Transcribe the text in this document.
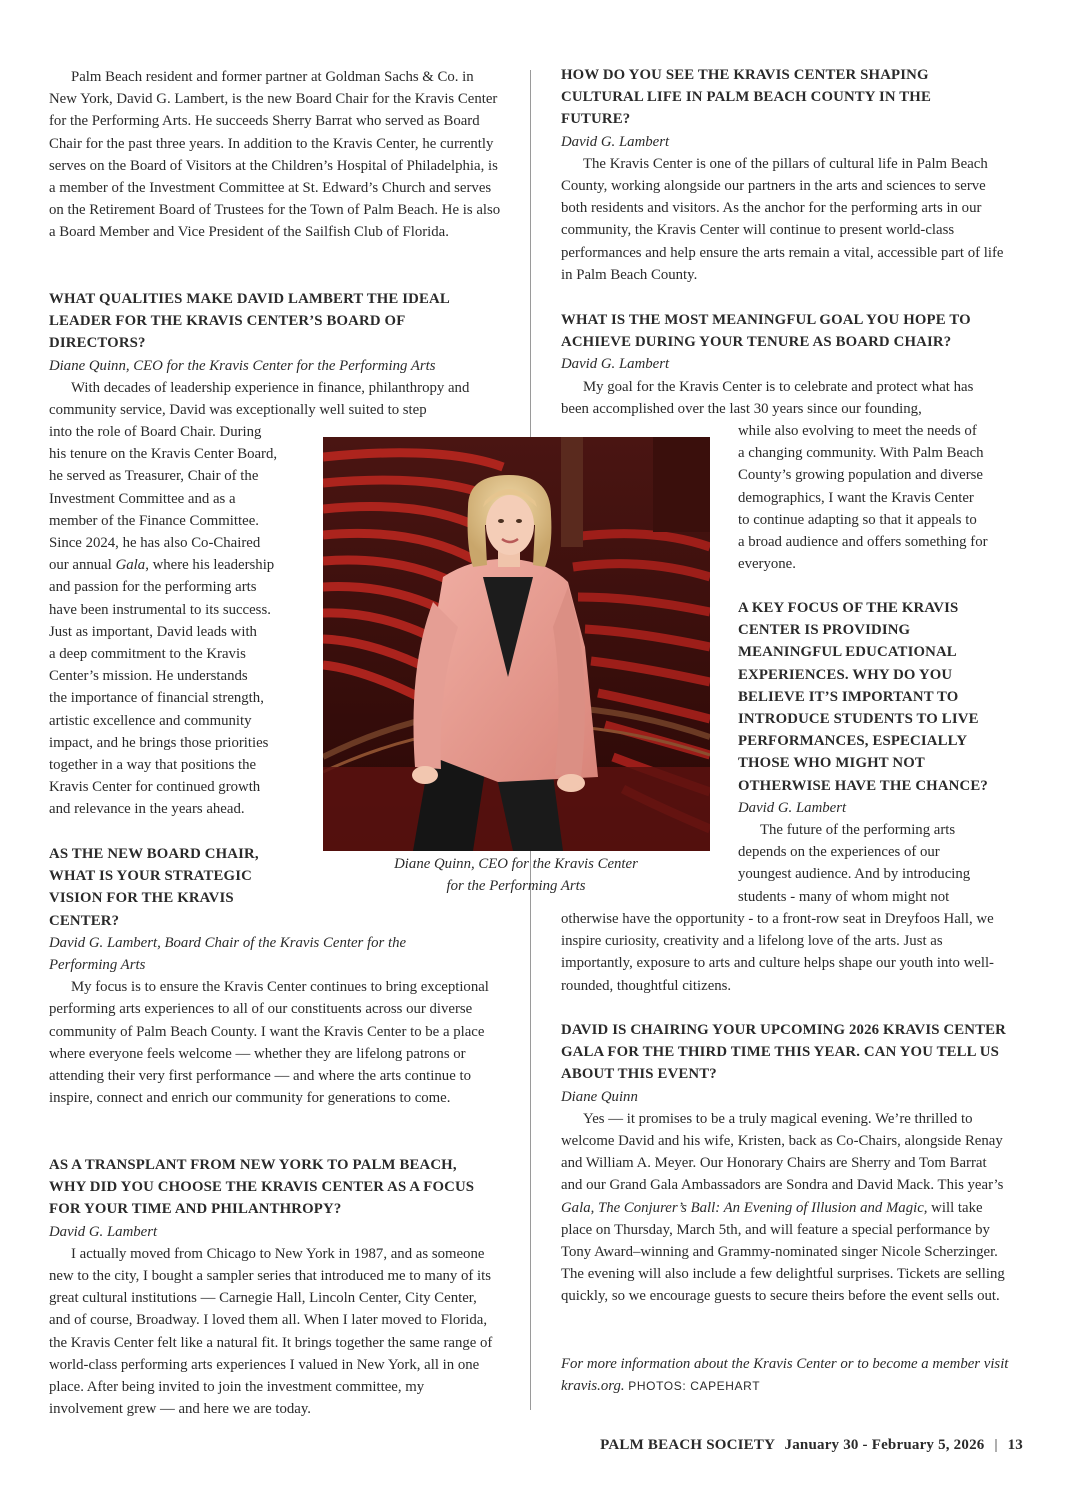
Palm Beach resident and former partner at Goldman Sachs & Co. in New York, David G. Lambert, is the new Board Chair for the Kravis Center for the Performing Arts. He succeeds Sherry Barrat who served as Board Chair for the past three years. In addition to the Kravis Center, he currently serves on the Board of Visitors at the Children’s Hospital of Philadelphia, is a member of the Investment Committee at St. Edward’s Church and serves on the Retirement Board of Trustees for the Town of Palm Beach. He is also a Board Member and Vice President of the Sailfish Club of Florida.

WHAT QUALITIES MAKE DAVID LAMBERT THE IDEAL LEADER FOR THE KRAVIS CENTER’S BOARD OF DIRECTORS?

Diane Quinn, CEO for the Kravis Center for the Performing Arts

With decades of leadership experience in finance, philanthropy and community service, David was exceptionally well suited to step

into the role of Board Chair. During
his tenure on the Kravis Center Board,
he served as Treasurer, Chair of the
Investment Committee and as a
member of the Finance Committee.
Since 2024, he has also Co-Chaired
our annual Gala, where his leadership
and passion for the performing arts
have been instrumental to its success.
Just as important, David leads with
a deep commitment to the Kravis
Center’s mission. He understands
the importance of financial strength,
artistic excellence and community
impact, and he brings those priorities
together in a way that positions the
Kravis Center for continued growth
and relevance in the years ahead.
AS THE NEW BOARD CHAIR,
WHAT IS YOUR STRATEGIC
VISION FOR THE KRAVIS
CENTER?

David G. Lambert, Board Chair of the Kravis Center for the Performing Arts

My focus is to ensure the Kravis Center continues to bring exceptional performing arts experiences to all of our constituents across our diverse community of Palm Beach County. I want the Kravis Center to be a place where everyone feels welcome — whether they are lifelong patrons or attending their very first performance — and where the arts continue to inspire, connect and enrich our community for generations to come.

AS A TRANSPLANT FROM NEW YORK TO PALM BEACH, WHY DID YOU CHOOSE THE KRAVIS CENTER AS A FOCUS FOR YOUR TIME AND PHILANTHROPY?

David G. Lambert

I actually moved from Chicago to New York in 1987, and as someone new to the city, I bought a sampler series that introduced me to many of its great cultural institutions — Carnegie Hall, Lincoln Center, City Center, and of course, Broadway. I loved them all. When I later moved to Florida, the Kravis Center felt like a natural fit. It brings together the same range of world-class performing arts experiences I valued in New York, all in one place. After being invited to join the investment committee, my involvement grew — and here we are today.

HOW DO YOU SEE THE KRAVIS CENTER SHAPING CULTURAL LIFE IN PALM BEACH COUNTY IN THE FUTURE?

David G. Lambert

The Kravis Center is one of the pillars of cultural life in Palm Beach County, working alongside our partners in the arts and sciences to serve both residents and visitors. As the anchor for the performing arts in our community, the Kravis Center will continue to present world-class performances and help ensure the arts remain a vital, accessible part of life in Palm Beach County.

WHAT IS THE MOST MEANINGFUL GOAL YOU HOPE TO ACHIEVE DURING YOUR TENURE AS BOARD CHAIR?

David G. Lambert

My goal for the Kravis Center is to celebrate and protect what has been accomplished over the last 30 years since our founding,

while also evolving to meet the needs of
a changing community. With Palm Beach
County’s growing population and diverse
demographics, I want the Kravis Center
to continue adapting so that it appeals to
a broad audience and offers something for
everyone.
A KEY FOCUS OF THE KRAVIS
CENTER IS PROVIDING
MEANINGFUL EDUCATIONAL
EXPERIENCES. WHY DO YOU
BELIEVE IT’S IMPORTANT TO
INTRODUCE STUDENTS TO LIVE
PERFORMANCES, ESPECIALLY
THOSE WHO MIGHT NOT
OTHERWISE HAVE THE CHANCE?

David G. Lambert

The future of the performing arts
depends on the experiences of our
youngest audience. And by introducing
students - many of whom might not

otherwise have the opportunity - to a front-row seat in Dreyfoos Hall, we inspire curiosity, creativity and a lifelong love of the arts. Just as importantly, exposure to arts and culture helps shape our youth into well-rounded, thoughtful citizens.

DAVID IS CHAIRING YOUR UPCOMING 2026 KRAVIS CENTER GALA FOR THE THIRD TIME THIS YEAR. CAN YOU TELL US ABOUT THIS EVENT?

Diane Quinn

Yes — it promises to be a truly magical evening. We’re thrilled to welcome David and his wife, Kristen, back as Co-Chairs, alongside Renay and William A. Meyer. Our Honorary Chairs are Sherry and Tom Barrat and our Grand Gala Ambassadors are Sondra and David Mack. This year’s Gala, The Conjurer’s Ball: An Evening of Illusion and Magic, will take place on Thursday, March 5th, and will feature a special performance by Tony Award–winning and Grammy-nominated singer Nicole Scherzinger. The evening will also include a few delightful surprises. Tickets are selling quickly, so we encourage guests to secure theirs before the event sells out.

For more information about the Kravis Center or to become a member visit kravis.org. PHOTOS: CAPEHART

Diane Quinn, CEO for the Kravis Center
for the Performing Arts
PALM BEACH SOCIETY January 30 - February 5, 2026 | 13
